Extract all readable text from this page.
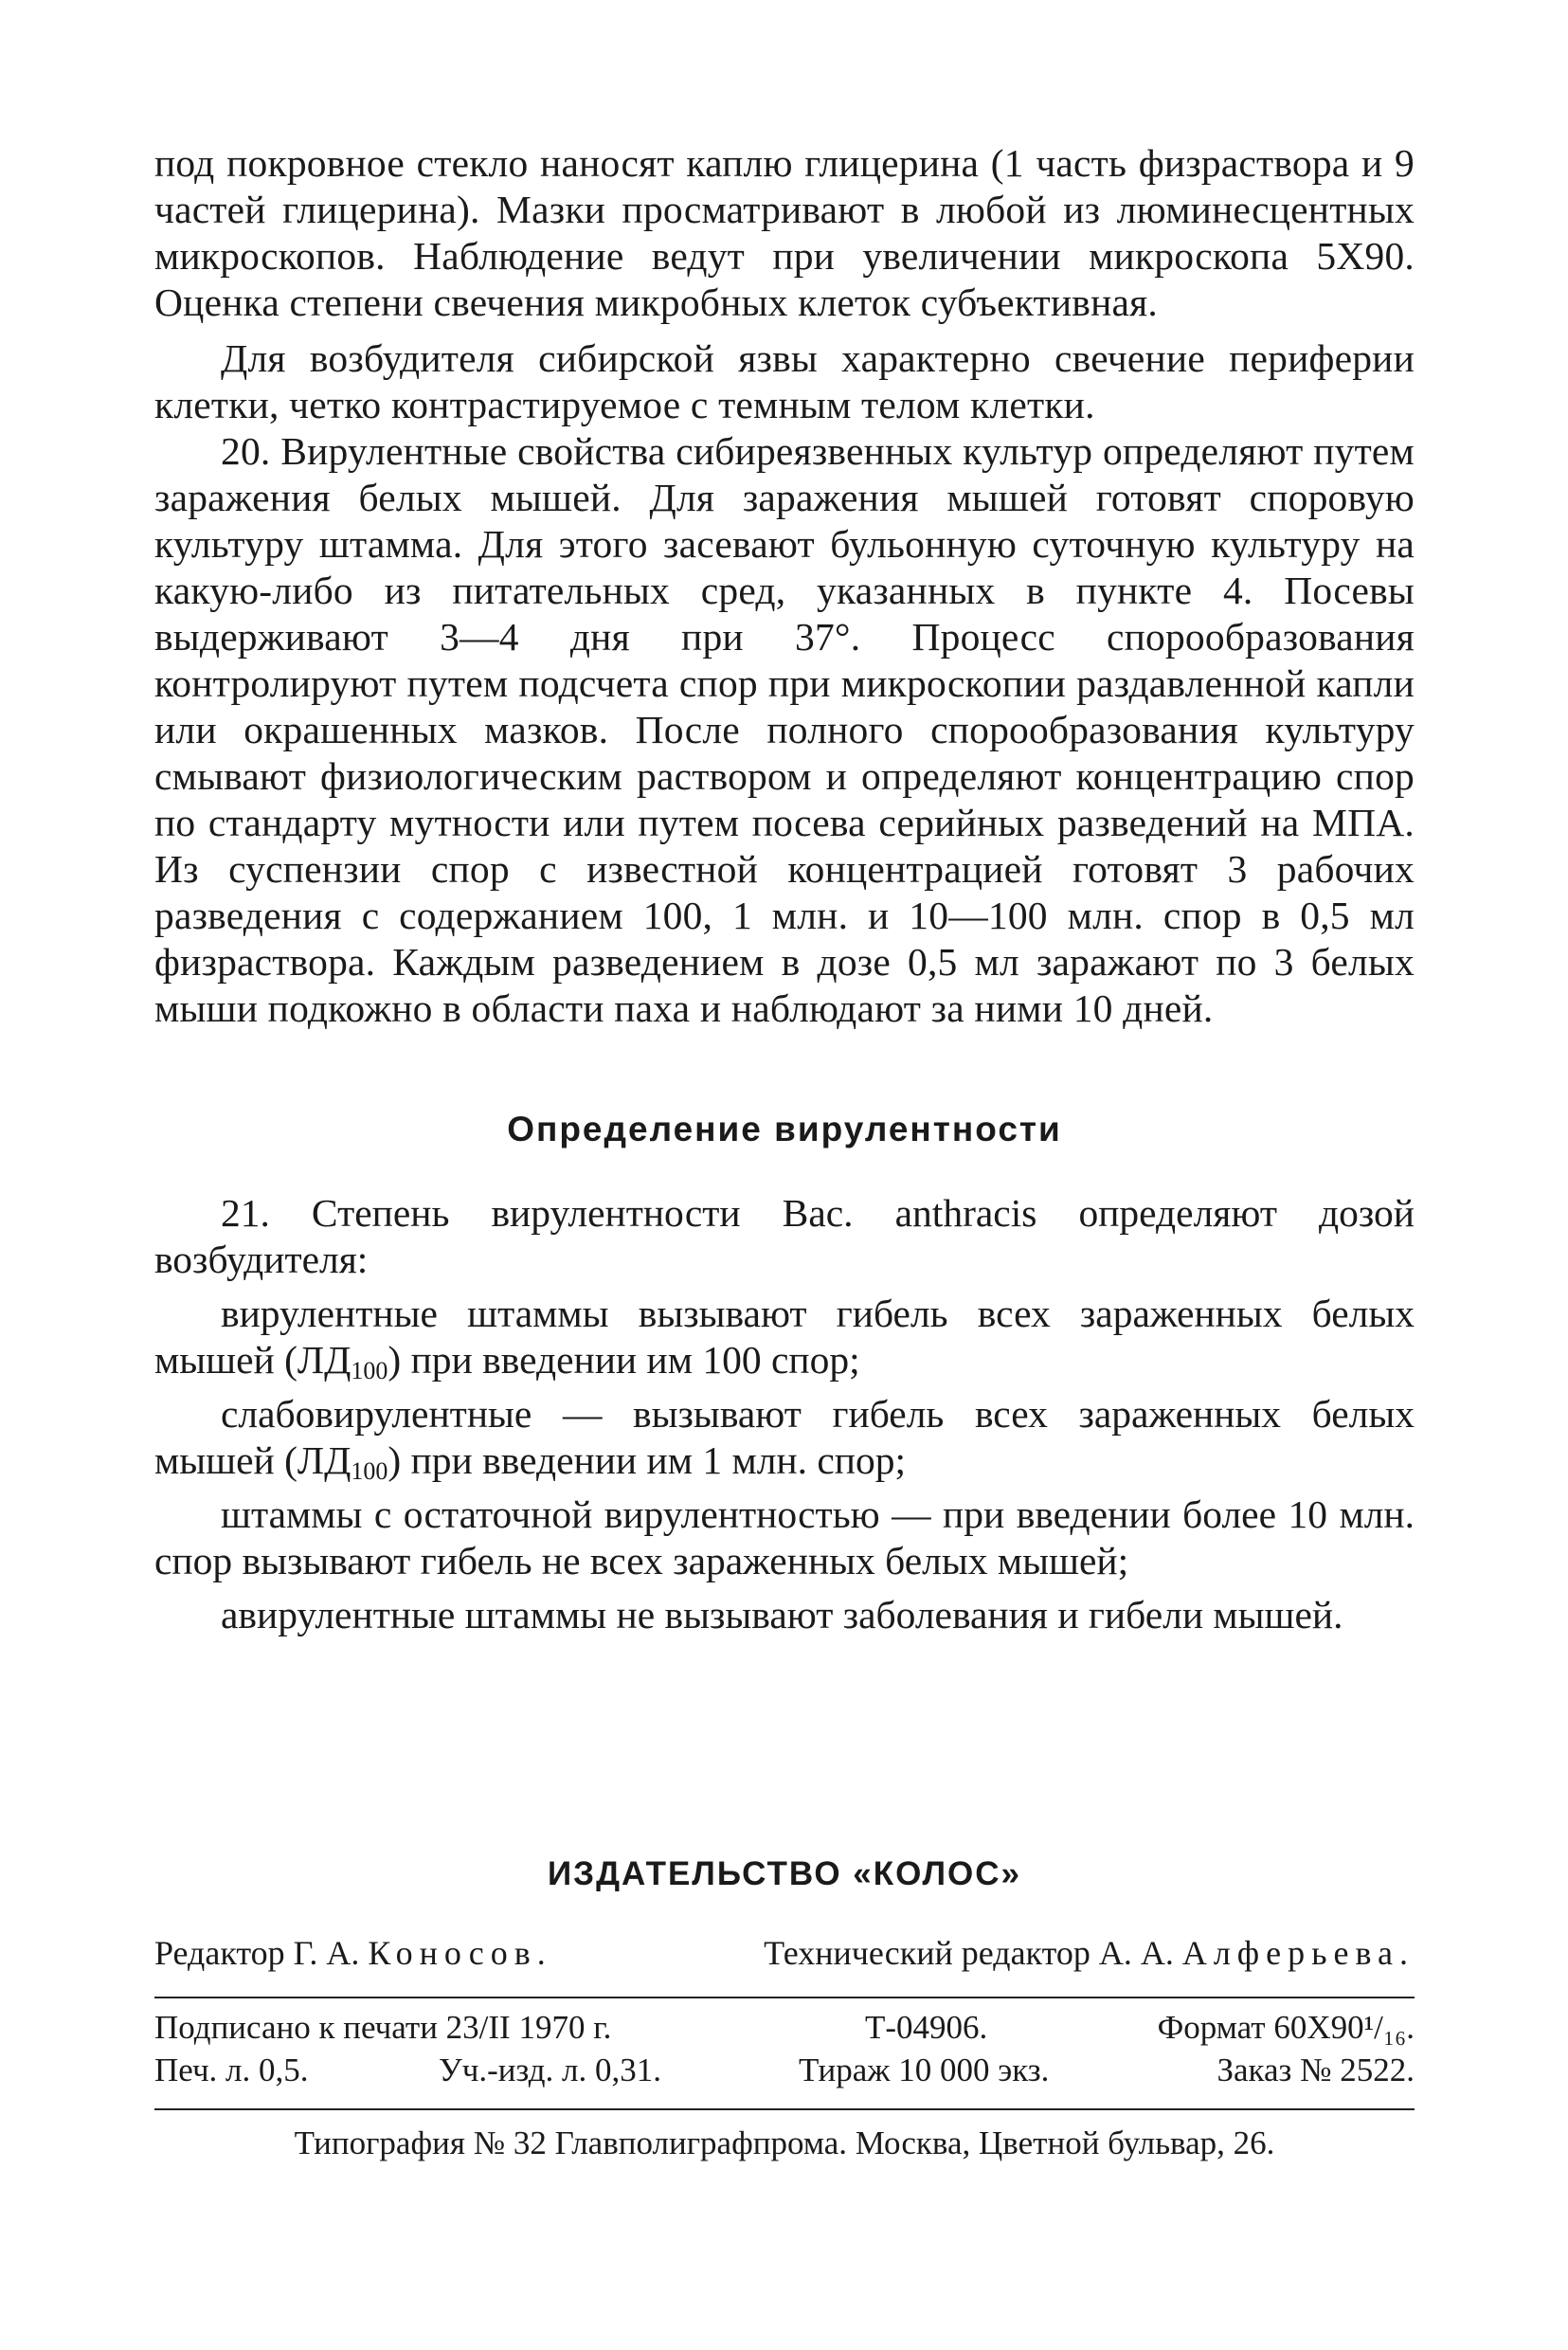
под покровное стекло наносят каплю глицерина (1 часть физраствора и 9 частей глицерина). Мазки просматривают в любой из люминесцентных микроскопов. Наблюдение ведут при увеличении микроскопа 5Х90. Оценка степени свечения микробных клеток субъективная.

Для возбудителя сибирской язвы характерно свечение периферии клетки, четко контрастируемое с темным телом клетки.

20. Вирулентные свойства сибиреязвенных культур определяют путем заражения белых мышей. Для заражения мышей готовят споровую культуру штамма. Для этого засевают бульонную суточную культуру на какую-либо из питательных сред, указанных в пункте 4. Посевы выдерживают 3—4 дня при 37°. Процесс спорообразования контролируют путем подсчета спор при микроскопии раздавленной капли или окрашенных мазков. После полного спорообразования культуру смывают физиологическим раствором и определяют концентрацию спор по стандарту мутности или путем посева серийных разведений на МПА. Из суспензии спор с известной концентрацией готовят 3 рабочих разведения с содержанием 100, 1 млн. и 10—100 млн. спор в 0,5 мл физраствора. Каждым разведением в дозе 0,5 мл заражают по 3 белых мыши подкожно в области паха и наблюдают за ними 10 дней.

Определение вирулентности

21. Степень вирулентности Bac. anthracis определяют дозой возбудителя:

вирулентные штаммы вызывают гибель всех зараженных белых мышей $(ЛД_{100})$ при введении им 100 спор;

слабовирулентные — вызывают гибель всех зараженных белых мышей $(ЛД_{100})$ при введении им 1 млн. спор;

штаммы с остаточной вирулентностью — при введении более 10 млн. спор вызывают гибель не всех зараженных белых мышей;

авирулентные штаммы не вызывают заболевания и гибели мышей.

ИЗДАТЕЛЬСТВО «КОЛОС»
Редактор Г. А. Коносов.	Технический редактор А. А. Алферьева.
Подписано к печати 23/II 1970 г.	Т-04906.	Формат 60Х90¹/₁₆.
Печ. л. 0,5.	Уч.-изд. л. 0,31.	Тираж 10 000 экз.	Заказ № 2522.
Типография № 32 Главполиграфпрома. Москва, Цветной бульвар, 26.
